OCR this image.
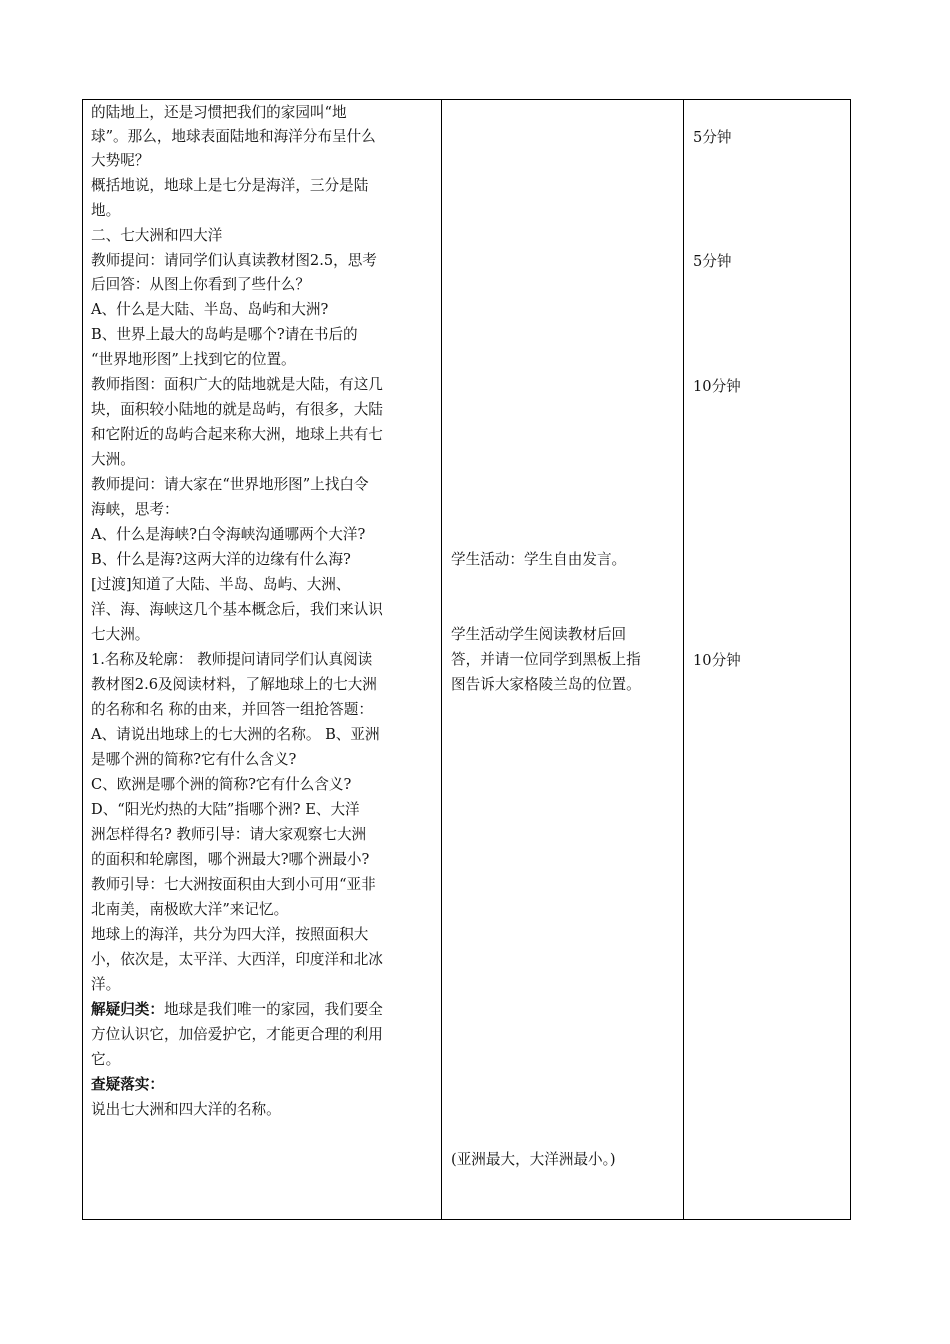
的陆地上，还是习惯把我们的家园叫“地
球”。那么，地球表面陆地和海洋分布呈什么
大势呢？
概括地说，地球上是七分是海洋，三分是陆
地。
二、七大洲和四大洋
教师提问：请同学们认真读教材图2.5，思考
后回答：从图上你看到了些什么？
A、什么是大陆、半岛、岛屿和大洲?
B、世界上最大的岛屿是哪个?请在书后的
“世界地形图”上找到它的位置。
教师指图：面积广大的陆地就是大陆，有这几
块，面积较小陆地的就是岛屿，有很多，大陆
和它附近的岛屿合起来称大洲，地球上共有七
大洲。
教师提问：请大家在“世界地形图”上找白令
海峡，思考：
A、什么是海峡?白令海峡沟通哪两个大洋?
B、什么是海?这两大洋的边缘有什么海?
[过渡]知道了大陆、半岛、岛屿、大洲、
洋、海、海峡这几个基本概念后，我们来认识
七大洲。
1.名称及轮廓： 教师提问请同学们认真阅读
教材图2.6及阅读材料，了解地球上的七大洲
的名称和名 称的由来，并回答一组抢答题：
A、请说出地球上的七大洲的名称。 B、亚洲
是哪个洲的简称?它有什么含义?
C、欧洲是哪个洲的简称?它有什么含义?
D、“阳光灼热的大陆”指哪个洲? E、大洋
洲怎样得名? 教师引导：请大家观察七大洲
的面积和轮廓图，哪个洲最大?哪个洲最小?
教师引导：七大洲按面积由大到小可用“亚非
北南美，南极欧大洋”来记忆。
地球上的海洋，共分为四大洋，按照面积大
小，依次是，太平洋、大西洋，印度洋和北冰
洋。
解疑归类：地球是我们唯一的家园，我们要全
方位认识它，加倍爱护它，才能更合理的利用
它。
查疑落实：
说出七大洲和四大洋的名称。
学生活动：学生自由发言。
学生活动学生阅读教材后回
答，并请一位同学到黑板上指
图告诉大家格陵兰岛的位置。
(亚洲最大，大洋洲最小。)
5分钟
5分钟
10分钟
10分钟
